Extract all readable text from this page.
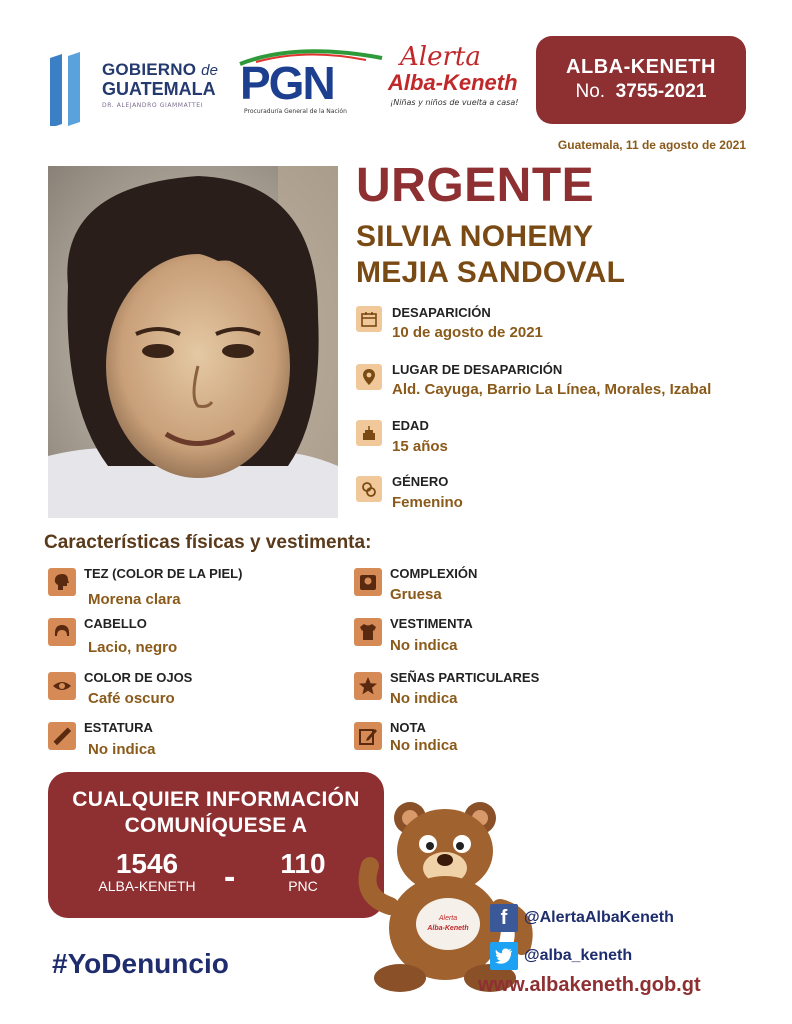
GOBIERNO de
GUATEMALA
DR. ALEJANDRO GIAMMATTEI PGN
Procuraduría General de la Nación
Alerta
Alba-Keneth
¡Niñas y niños de vuelta a casa!
ALBA-KENETH
No. 3755-2021
Guatemala, 11 de agosto de 2021
URGENTE
SILVIA NOHEMY
MEJIA SANDOVAL
DESAPARICIÓN
10 de agosto de 2021
LUGAR DE DESAPARICIÓN
Ald. Cayuga, Barrio La Línea, Morales, Izabal
EDAD
15 años
GÉNERO
Femenino
Características físicas y vestimenta:
TEZ (COLOR DE LA PIEL)
Morena clara
CABELLO
Lacio, negro
COLOR DE OJOS
Café oscuro
ESTATURA
No indica
COMPLEXIÓN
Gruesa
VESTIMENTA
No indica
SEÑAS PARTICULARES
No indica
NOTA
No indica
CUALQUIER INFORMACIÓN
COMUNÍQUESE A
1546
ALBA-KENETH -	110
PNC
#YoDenuncio
Alerta
Alba-Keneth	f	@AlertaAlbaKeneth
@alba_keneth
www.albakeneth.gob.gt
